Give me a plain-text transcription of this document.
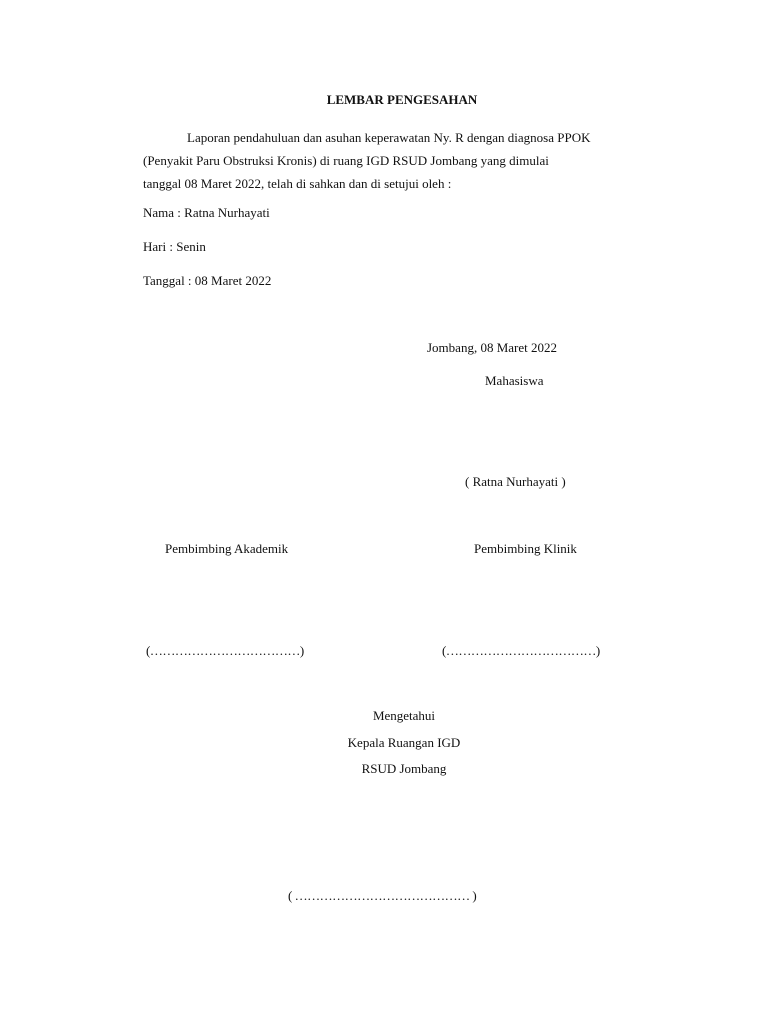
LEMBAR PENGESAHAN
Laporan pendahuluan dan asuhan keperawatan Ny. R dengan diagnosa PPOK
(Penyakit Paru Obstruksi Kronis) di ruang IGD RSUD Jombang yang dimulai
tanggal 08 Maret 2022, telah di sahkan dan di setujui oleh :
Nama : Ratna Nurhayati
Hari : Senin
Tanggal : 08 Maret 2022
Jombang, 08 Maret 2022
Mahasiswa
( Ratna Nurhayati )
Pembimbing Akademik	Pembimbing Klinik
(………………………………)	(………………………………)
Mengetahui
Kepala Ruangan IGD
RSUD Jombang
( …………………………………… )
